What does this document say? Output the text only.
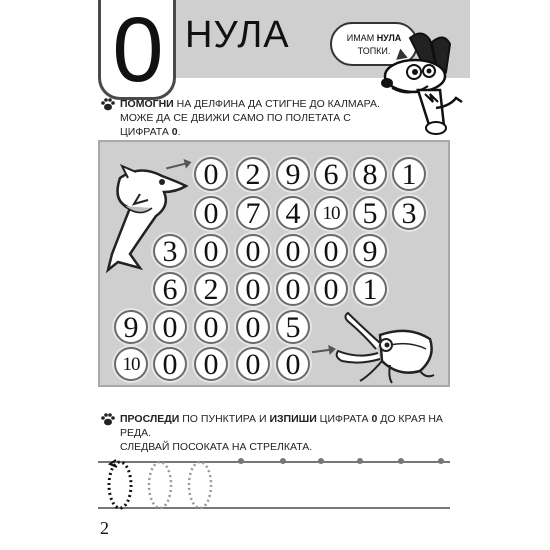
0 НУЛА	ИМАМ НУЛА
ТОПКИ.
ПОМОГНИ НА ДЕЛФИНА ДА СТИГНЕ ДО КАЛМАРА.
МОЖЕ ДА СЕ ДВИЖИ САМО ПО ПОЛЕТАТА С
ЦИФРАТА 0.
0 2 9 6 8 1
0 7 4	10 5 3
3 0 0 0 0 9
6 2 0 0 0 1
9 0 0 0 5
10 0 0 0 0
ПРОСЛЕДИ ПО ПУНКТИРА И ИЗПИШИ ЦИФРАТА 0 ДО КРАЯ НА РЕДА.
СЛЕДВАЙ ПОСОКАТА НА СТРЕЛКАТА.
2
